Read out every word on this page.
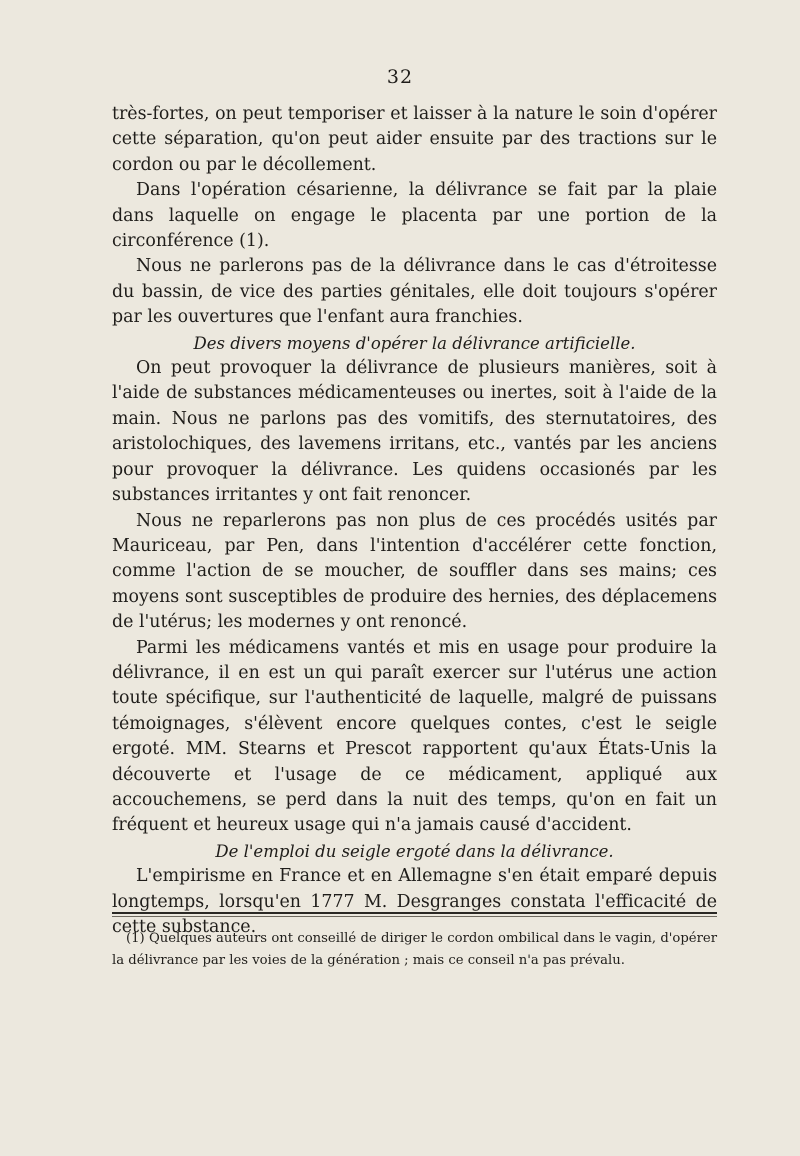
32

très-fortes, on peut temporiser et laisser à la nature le soin d'opérer cette séparation, qu'on peut aider ensuite par des tractions sur le cordon ou par le décollement.

Dans l'opération césarienne, la délivrance se fait par la plaie dans laquelle on engage le placenta par une portion de la circonférence (1).

Nous ne parlerons pas de la délivrance dans le cas d'étroitesse du bassin, de vice des parties génitales, elle doit toujours s'opérer par les ouvertures que l'enfant aura franchies.

Des divers moyens d'opérer la délivrance artificielle.

On peut provoquer la délivrance de plusieurs manières, soit à l'aide de substances médicamenteuses ou inertes, soit à l'aide de la main. Nous ne parlons pas des vomitifs, des sternutatoires, des aristolochiques, des lavemens irritans, etc., vantés par les anciens pour provoquer la délivrance. Les quidens occasionés par les substances irritantes y ont fait renoncer.

Nous ne reparlerons pas non plus de ces procédés usités par Mauriceau, par Pen, dans l'intention d'accélérer cette fonction, comme l'action de se moucher, de souffler dans ses mains; ces moyens sont susceptibles de produire des hernies, des déplacemens de l'utérus; les modernes y ont renoncé.

Parmi les médicamens vantés et mis en usage pour produire la délivrance, il en est un qui paraît exercer sur l'utérus une action toute spécifique, sur l'authenticité de laquelle, malgré de puissans témoignages, s'élèvent encore quelques contes, c'est le seigle ergoté. MM. Stearns et Prescot rapportent qu'aux États-Unis la découverte et l'usage de ce médicament, appliqué aux accouchemens, se perd dans la nuit des temps, qu'on en fait un fréquent et heureux usage qui n'a jamais causé d'accident.

De l'emploi du seigle ergoté dans la délivrance.

L'empirisme en France et en Allemagne s'en était emparé depuis longtemps, lorsqu'en 1777 M. Desgranges constata l'efficacité de cette substance.

(1) Quelques auteurs ont conseillé de diriger le cordon ombilical dans le vagin, d'opérer la délivrance par les voies de la génération ; mais ce conseil n'a pas prévalu.
